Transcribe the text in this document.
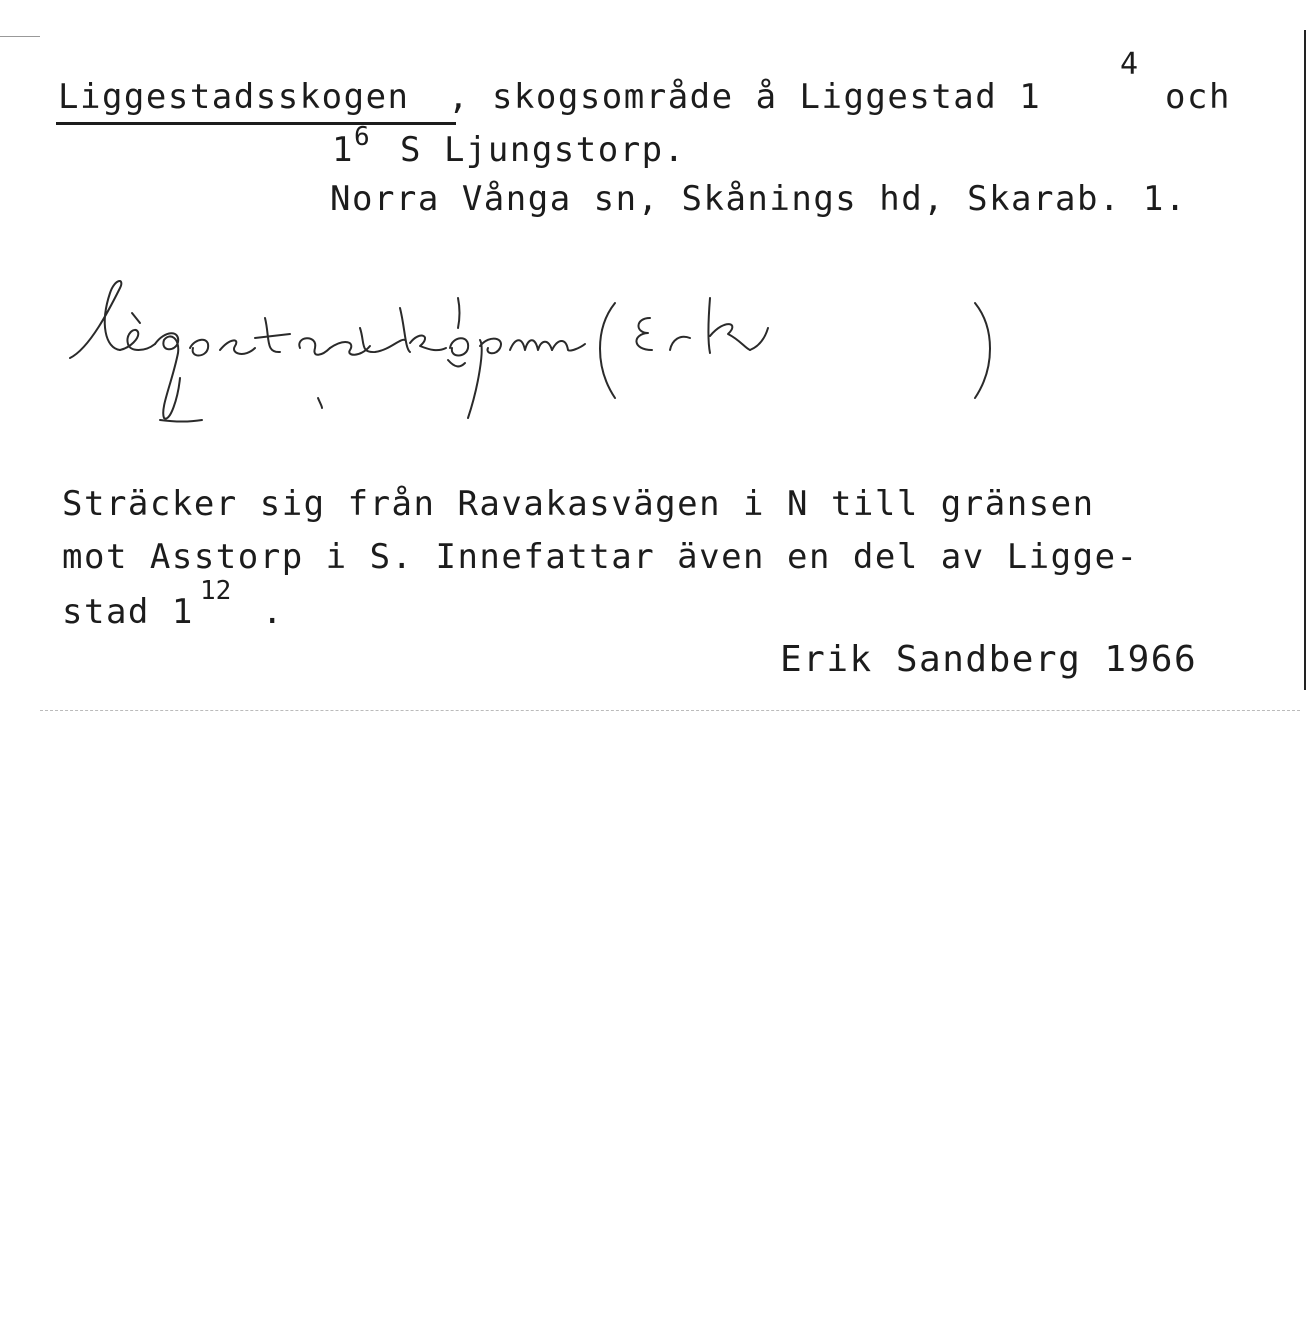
Liggestadsskogen , skogsområde å Liggestad 1
4
och
1 6 S Ljungstorp.
Norra Vånga sn, Skånings hd, Skarab. 1.
Sträcker sig från Ravakasvägen i N till gränsen
mot Asstorp i S. Innefattar även en del av Ligge-
stad 1
12
.
Erik Sandberg 1966
